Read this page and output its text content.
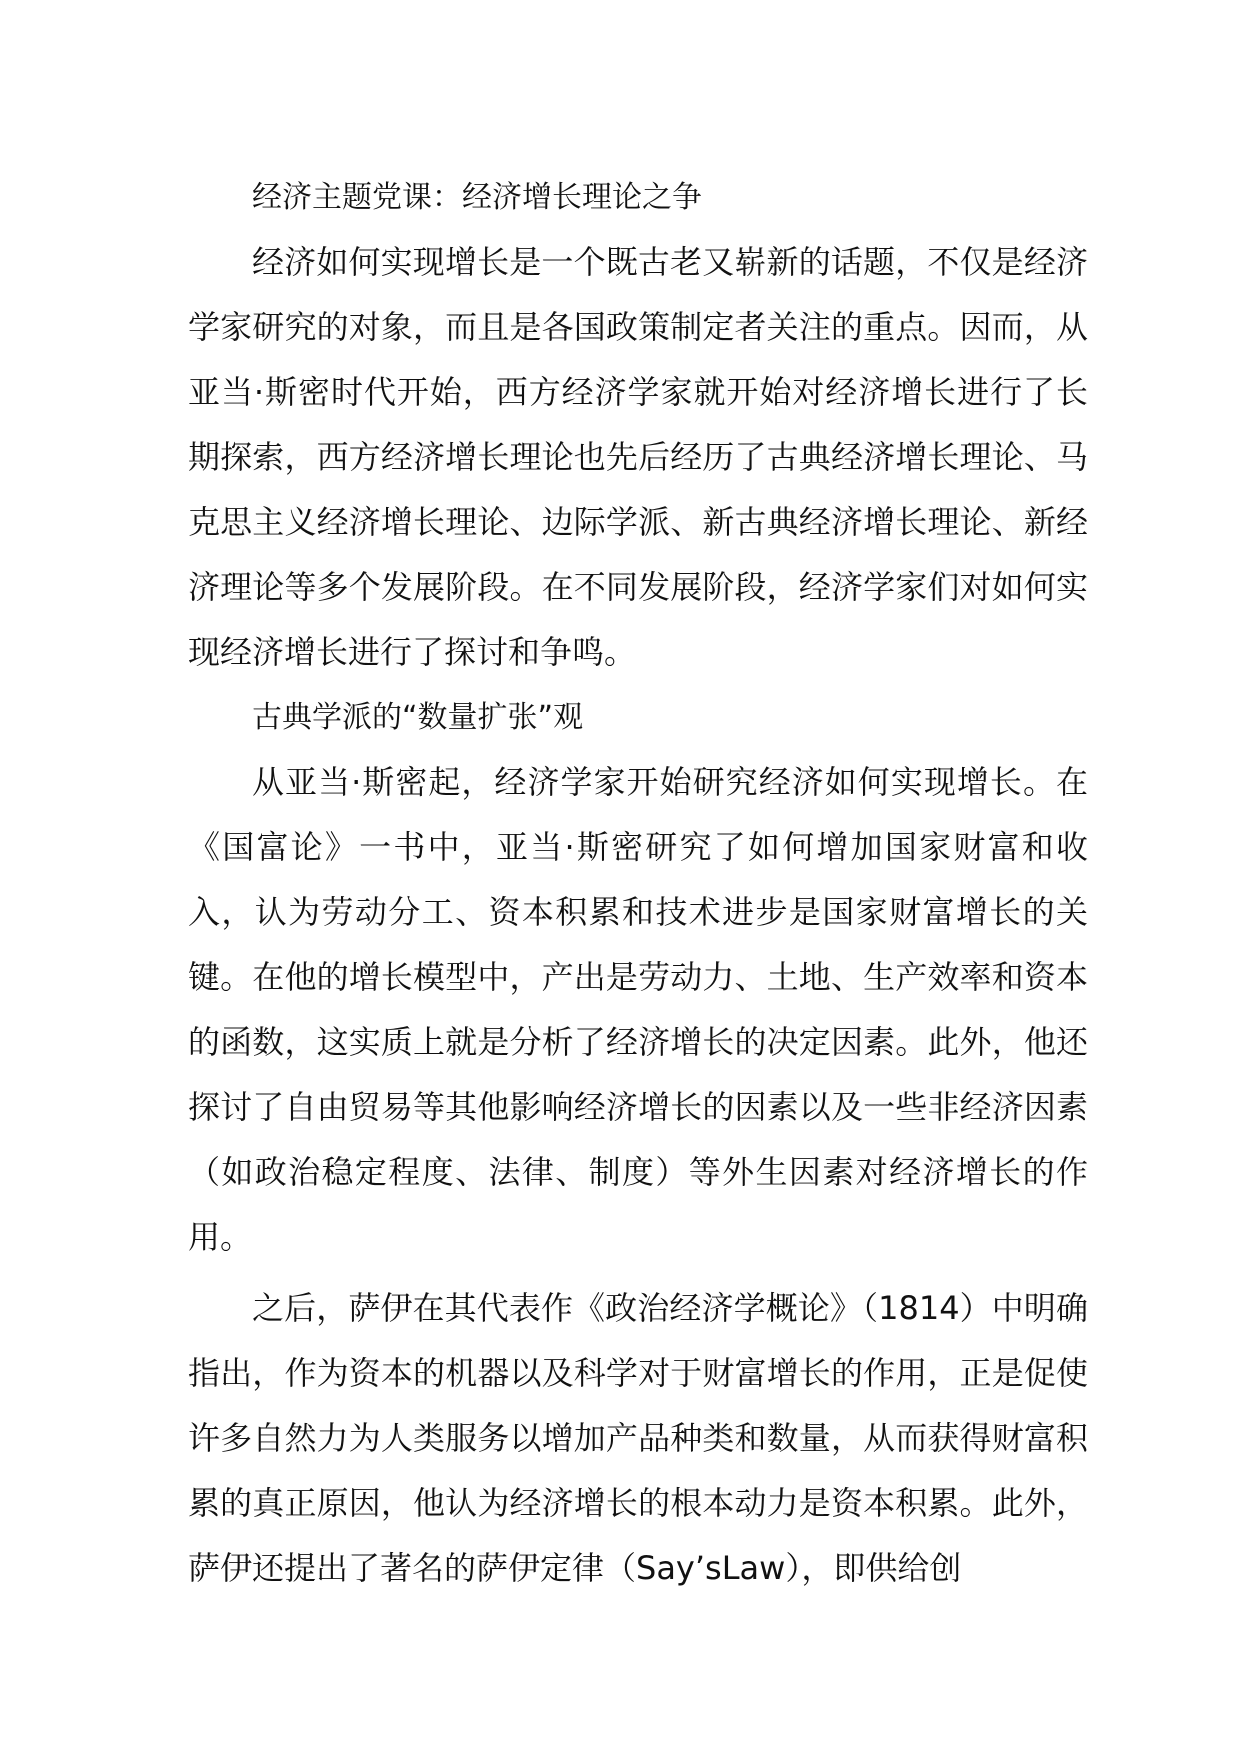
经济主题党课：经济增长理论之争

经济如何实现增长是一个既古老又崭新的话题，不仅是经济学家研究的对象，而且是各国政策制定者关注的重点。因而，从亚当·斯密时代开始，西方经济学家就开始对经济增长进行了长期探索，西方经济增长理论也先后经历了古典经济增长理论、马克思主义经济增长理论、边际学派、新古典经济增长理论、新经济理论等多个发展阶段。在不同发展阶段，经济学家们对如何实现经济增长进行了探讨和争鸣。

古典学派的“数量扩张”观

从亚当·斯密起，经济学家开始研究经济如何实现增长。在《国富论》一书中，亚当·斯密研究了如何增加国家财富和收入，认为劳动分工、资本积累和技术进步是国家财富增长的关键。在他的增长模型中，产出是劳动力、土地、生产效率和资本的函数，这实质上就是分析了经济增长的决定因素。此外，他还探讨了自由贸易等其他影响经济增长的因素以及一些非经济因素（如政治稳定程度、法律、制度）等外生因素对经济增长的作用。

之后，萨伊在其代表作《政治经济学概论》（1814）中明确指出，作为资本的机器以及科学对于财富增长的作用，正是促使许多自然力为人类服务以增加产品种类和数量，从而获得财富积累的真正原因，他认为经济增长的根本动力是资本积累。此外，萨伊还提出了著名的萨伊定律（Say’sLaw），即供给创
